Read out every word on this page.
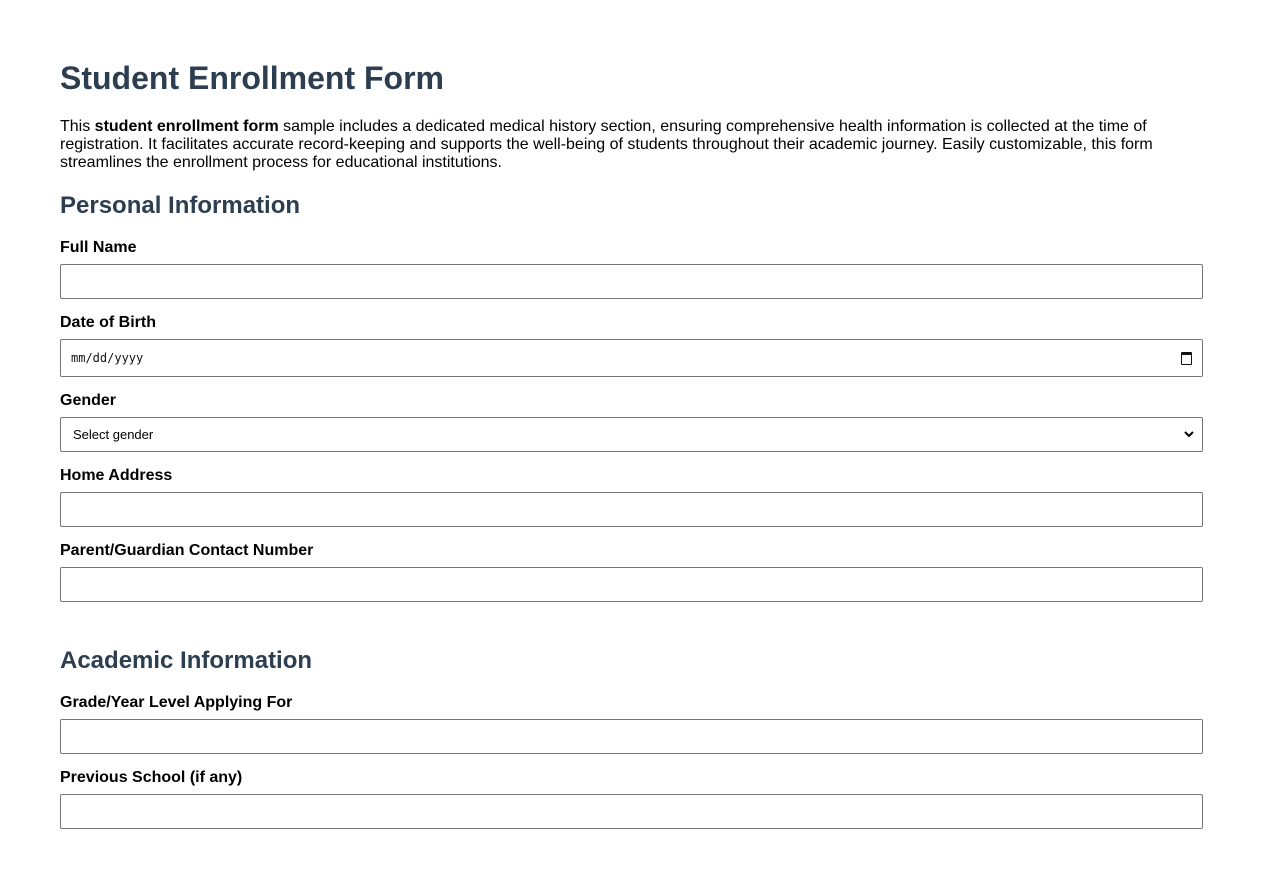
Student Enrollment Form

This student enrollment form sample includes a dedicated medical history section, ensuring comprehensive health information is collected at the time of registration. It facilitates accurate record-keeping and supports the well-being of students throughout their academic journey. Easily customizable, this form streamlines the enrollment process for educational institutions.

Personal Information
Full Name
Date of Birth
mm/dd/yyyy
Gender
Select gender
Home Address
Parent/Guardian Contact Number
Academic Information
Grade/Year Level Applying For
Previous School (if any)
